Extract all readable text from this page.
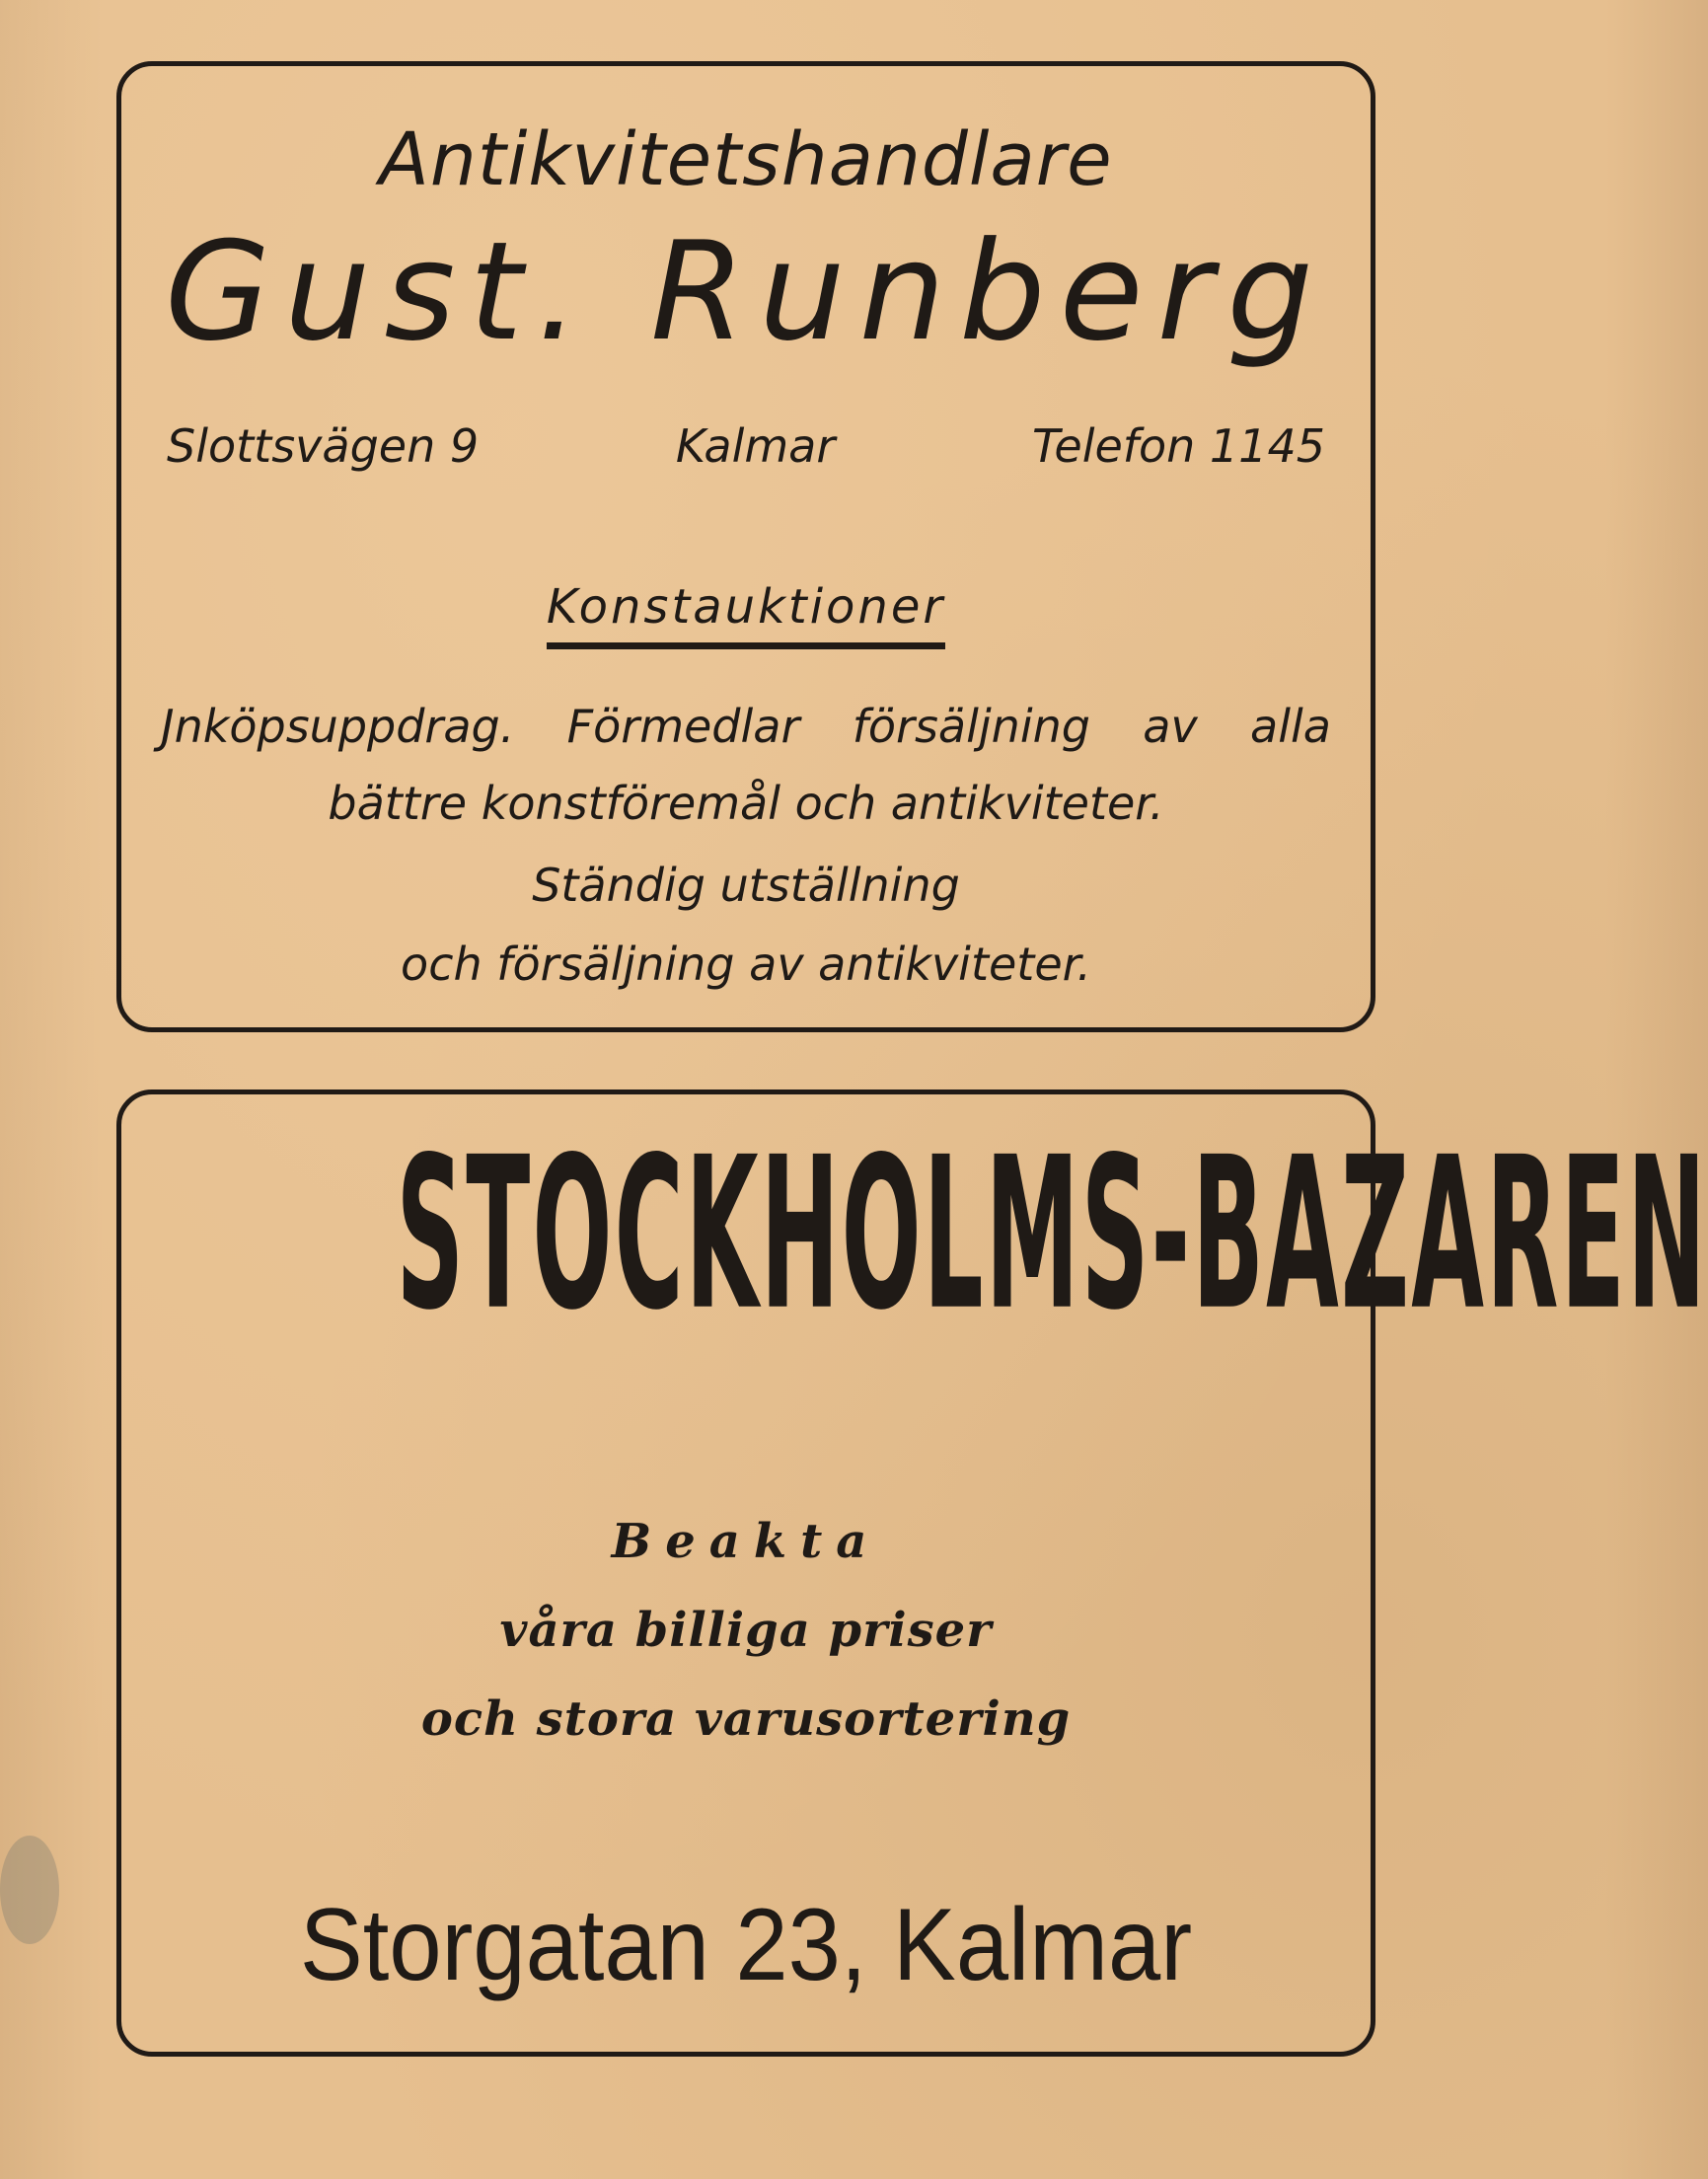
Antikvitetshandlare
Gust. Runberg
Slottsvägen 9	Kalmar	Telefon 1145
Konstauktioner
Jnköpsuppdrag. Förmedlar försäljning av alla
bättre konstföremål och antikviteter.
Ständig utställning
och försäljning av antikviteter.
STOCKHOLMS-BAZAREN
Beakta
våra billiga priser
och stora varusortering
Storgatan 23, Kalmar
